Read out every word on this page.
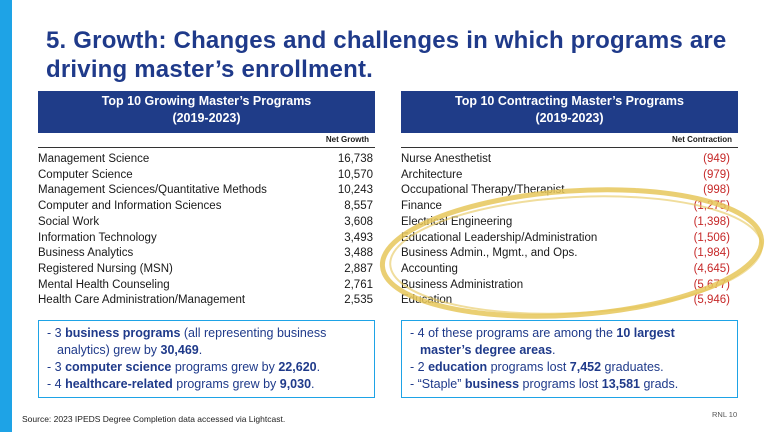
5. Growth: Changes and challenges in which programs are driving master’s enrollment.
Top 10 Growing Master’s Programs
(2019-2023)
Net Growth
Management Science	16,738
Computer Science	10,570
Management Sciences/Quantitative Methods	10,243
Computer and Information Sciences	8,557
Social Work	3,608
Information Technology	3,493
Business Analytics	3,488
Registered Nursing (MSN)	2,887
Mental Health Counseling	2,761
Health Care Administration/Management	2,535
Top 10 Contracting Master’s Programs
(2019-2023)
Net Contraction
Nurse Anesthetist	(949)
Architecture	(979)
Occupational Therapy/Therapist	(998)
Finance	(1,275)
Electrical Engineering	(1,398)
Educational Leadership/Administration	(1,506)
Business Admin., Mgmt., and Ops.	(1,984)
Accounting	(4,645)
Business Administration	(5,677)
Education	(5,946)
- 3 business programs (all representing business analytics) grew by 30,469.
- 3 computer science programs grew by 22,620.
- 4 healthcare-related programs grew by 9,030.
- 4 of these programs are among the 10 largest master’s degree areas.
- 2 education programs lost 7,452 graduates.
- “Staple” business programs lost 13,581 grads.
Source: 2023 IPEDS Degree Completion data accessed via Lightcast.	RNL 10
